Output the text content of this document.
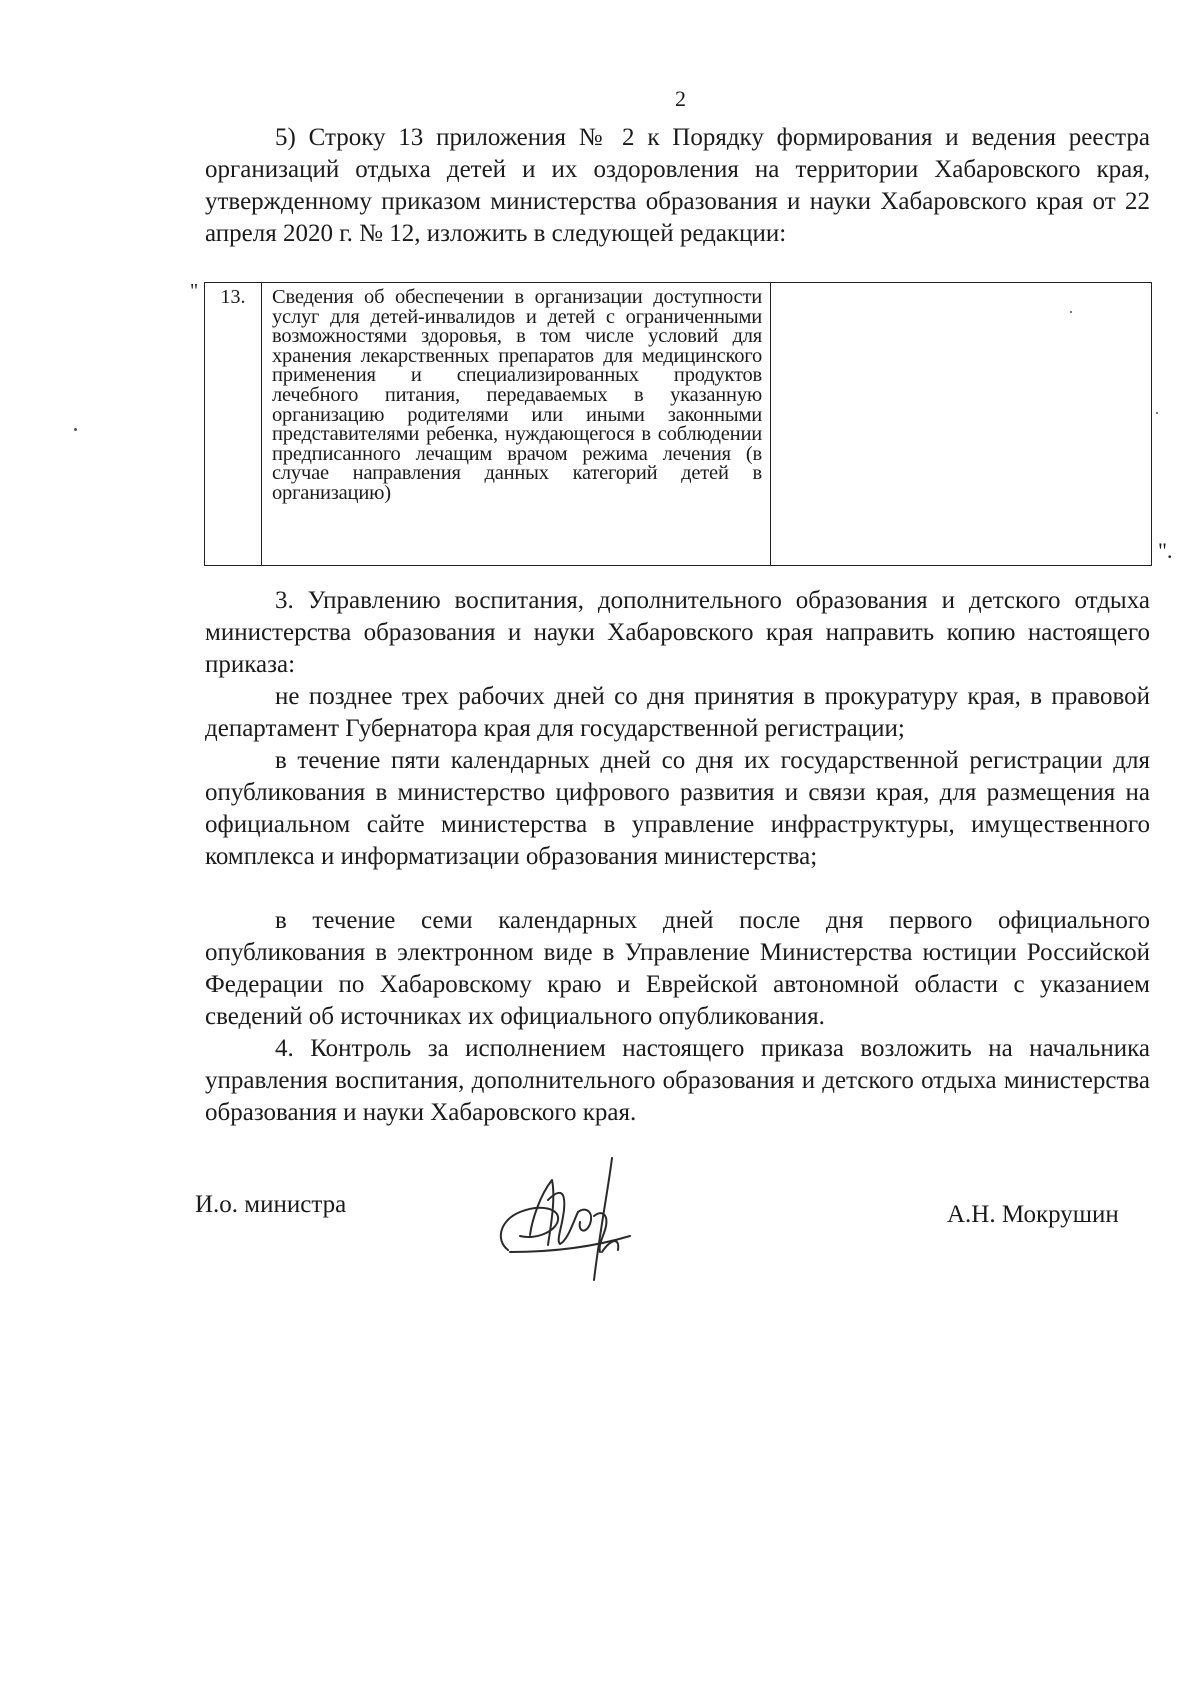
2

5) Строку 13 приложения № 2 к Порядку формирования и ведения реестра организаций отдыха детей и их оздоровления на территории Хабаровского края, утвержденному приказом министерства образования и науки Хабаровского края от 22 апреля 2020 г. № 12, изложить в следующей редакции:

" 13.	Сведения об обеспечении в организации доступности услуг для детей-инвалидов и детей с ограниченными возможностями здоровья, в том числе условий для хранения лекарственных препаратов для медицинского применения и специализированных продуктов лечебного питания, передаваемых в указанную организацию родителями или иными законными представителями ребенка, нуждающегося в соблюдении предписанного лечащим врачом режима лечения (в случае направления данных категорий детей в организацию)	
".

3. Управлению воспитания, дополнительного образования и детского отдыха министерства образования и науки Хабаровского края направить копию настоящего приказа:

не позднее трех рабочих дней со дня принятия в прокуратуру края, в правовой департамент Губернатора края для государственной регистрации;

в течение пяти календарных дней со дня их государственной регистрации для опубликования в министерство цифрового развития и связи края, для размещения на официальном сайте министерства в управление инфраструктуры, имущественного комплекса и информатизации образования министерства;

в течение семи календарных дней после дня первого официального опубликования в электронном виде в Управление Министерства юстиции Российской Федерации по Хабаровскому краю и Еврейской автономной области с указанием сведений об источниках их официального опубликования.

4. Контроль за исполнением настоящего приказа возложить на начальника управления воспитания, дополнительного образования и детского отдыха министерства образования и науки Хабаровского края.

И.о. министра	А.Н. Мокрушин
